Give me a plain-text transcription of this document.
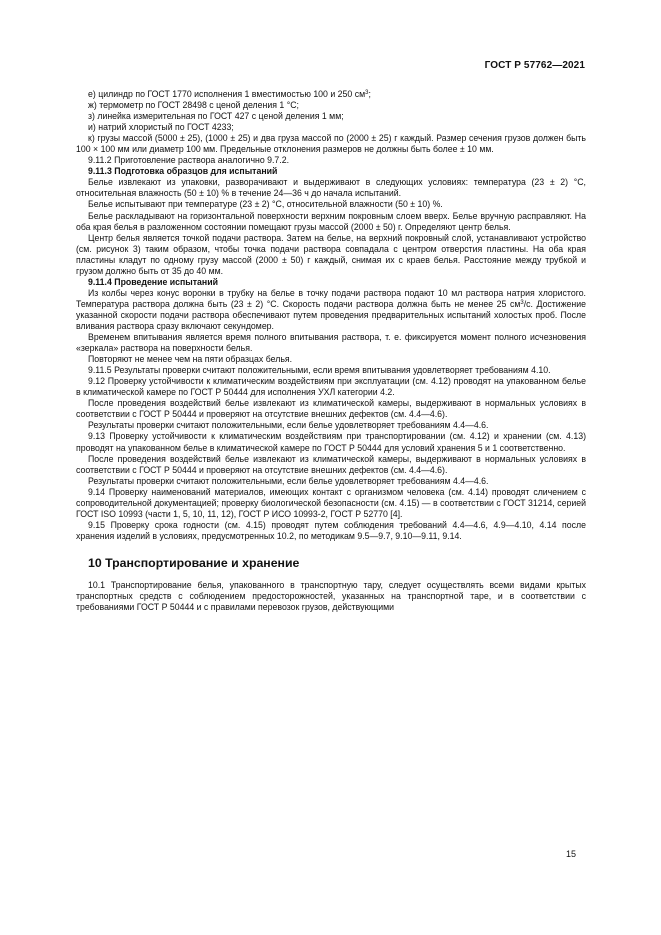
ГОСТ Р 57762—2021

е) цилиндр по ГОСТ 1770 исполнения 1 вместимостью 100 и 250 $см^3$;

ж) термометр по ГОСТ 28498 с ценой деления 1 °С;

з) линейка измерительная по ГОСТ 427 с ценой деления 1 мм;

и) натрий хлористый по ГОСТ 4233;

к) грузы массой (5000 ± 25), (1000 ± 25) и два груза массой по (2000 ± 25) г каждый. Размер сечения грузов должен быть 100 × 100 мм или диаметр 100 мм. Предельные отклонения размеров не должны быть более ± 10 мм.

9.11.2 Приготовление раствора аналогично 9.7.2.

9.11.3 Подготовка образцов для испытаний

Белье извлекают из упаковки, разворачивают и выдерживают в следующих условиях: температура (23 ± 2) °С, относительная влажность (50 ± 10) % в течение 24—36 ч до начала испытаний.

Белье испытывают при температуре (23 ± 2) °С, относительной влажности (50 ± 10) %.

Белье раскладывают на горизонтальной поверхности верхним покровным слоем вверх. Белье вручную расправляют. На оба края белья в разложенном состоянии помещают грузы массой (2000 ± 50) г. Определяют центр белья.

Центр белья является точкой подачи раствора. Затем на белье, на верхний покровный слой, устанавливают устройство (см. рисунок 3) таким образом, чтобы точка подачи раствора совпадала с центром отверстия пластины. На оба края пластины кладут по одному грузу массой (2000 ± 50) г каждый, снимая их с краев белья. Расстояние между трубкой и грузом должно быть от 35 до 40 мм.

9.11.4 Проведение испытаний

Из колбы через конус воронки в трубку на белье в точку подачи раствора подают 10 мл раствора натрия хлористого. Температура раствора должна быть (23 ± 2) °С. Скорость подачи раствора должна быть не менее 25 $см^3/с$. Достижение указанной скорости подачи раствора обеспечивают путем проведения предварительных испытаний холостых проб. После вливания раствора сразу включают секундомер.

Временем впитывания является время полного впитывания раствора, т. е. фиксируется момент полного исчезновения «зеркала» раствора на поверхности белья.

Повторяют не менее чем на пяти образцах белья.

9.11.5 Результаты проверки считают положительными, если время впитывания удовлетворяет требованиям 4.10.

9.12 Проверку устойчивости к климатическим воздействиям при эксплуатации (см. 4.12) проводят на упакованном белье в климатической камере по ГОСТ Р 50444 для исполнения УХЛ категории 4.2.

После проведения воздействий белье извлекают из климатической камеры, выдерживают в нормальных условиях в соответствии с ГОСТ Р 50444 и проверяют на отсутствие внешних дефектов (см. 4.4—4.6).

Результаты проверки считают положительными, если белье удовлетворяет требованиям 4.4—4.6.

9.13 Проверку устойчивости к климатическим воздействиям при транспортировании (см. 4.12) и хранении (см. 4.13) проводят на упакованном белье в климатической камере по ГОСТ Р 50444 для условий хранения 5 и 1 соответственно.

После проведения воздействий белье извлекают из климатической камеры, выдерживают в нормальных условиях в соответствии с ГОСТ Р 50444 и проверяют на отсутствие внешних дефектов (см. 4.4—4.6).

Результаты проверки считают положительными, если белье удовлетворяет требованиям 4.4—4.6.

9.14 Проверку наименований материалов, имеющих контакт с организмом человека (см. 4.14) проводят сличением с сопроводительной документацией; проверку биологической безопасности (см. 4.15) — в соответствии с ГОСТ 31214, серией ГОСТ ISO 10993 (части 1, 5, 10, 11, 12), ГОСТ Р ИСО 10993-2, ГОСТ Р 52770 [4].

9.15 Проверку срока годности (см. 4.15) проводят путем соблюдения требований 4.4—4.6, 4.9—4.10, 4.14 после хранения изделий в условиях, предусмотренных 10.2, по методикам 9.5—9.7, 9.10—9.11, 9.14.

10 Транспортирование и хранение

10.1 Транспортирование белья, упакованного в транспортную тару, следует осуществлять всеми видами крытых транспортных средств с соблюдением предосторожностей, указанных на транспортной таре, и в соответствии с требованиями ГОСТ Р 50444 и с правилами перевозок грузов, действующими

15
